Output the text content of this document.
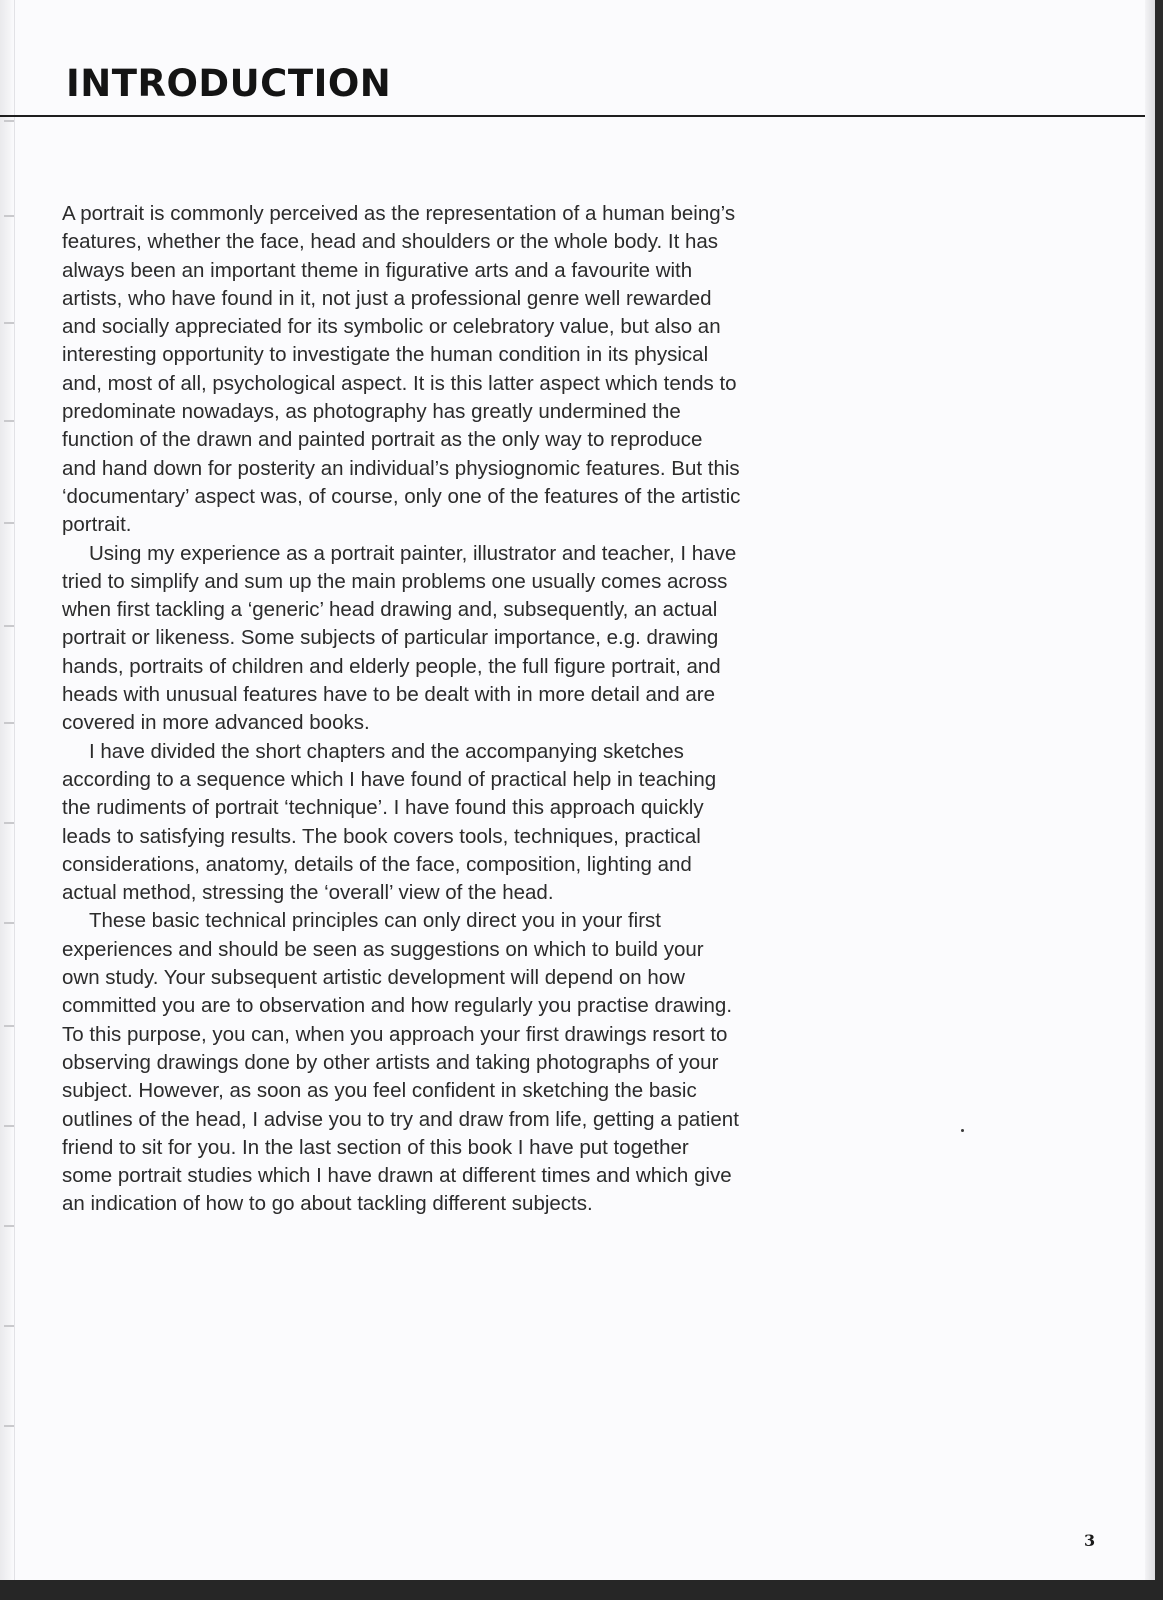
INTRODUCTION

A portrait is commonly perceived as the representation of a human being’s features, whether the face, head and shoulders or the whole body. It has always been an important theme in figurative arts and a favourite with artists, who have found in it, not just a professional genre well rewarded and socially appreciated for its symbolic or celebratory value, but also an interesting opportunity to investigate the human condition in its physical and, most of all, psychological aspect. It is this latter aspect which tends to predominate nowadays, as photography has greatly undermined the function of the drawn and painted portrait as the only way to reproduce and hand down for posterity an individual’s physiognomic features. But this ‘documentary’ aspect was, of course, only one of the features of the artistic portrait.

Using my experience as a portrait painter, illustrator and teacher, I have tried to simplify and sum up the main problems one usually comes across when first tackling a ‘generic’ head drawing and, subsequently, an actual portrait or likeness. Some subjects of particular importance, e.g. drawing hands, portraits of children and elderly people, the full figure portrait, and heads with unusual features have to be dealt with in more detail and are covered in more advanced books.

I have divided the short chapters and the accompanying sketches according to a sequence which I have found of practical help in teaching the rudiments of portrait ‘technique’. I have found this approach quickly leads to satisfying results. The book covers tools, techniques, practical considerations, anatomy, details of the face, composition, lighting and actual method, stressing the ‘overall’ view of the head.

These basic technical principles can only direct you in your first experiences and should be seen as suggestions on which to build your own study. Your subsequent artistic development will depend on how committed you are to observation and how regularly you practise drawing. To this purpose, you can, when you approach your first drawings resort to observing drawings done by other artists and taking photographs of your subject. However, as soon as you feel confident in sketching the basic outlines of the head, I advise you to try and draw from life, getting a patient friend to sit for you. In the last section of this book I have put together some portrait studies which I have drawn at different times and which give an indication of how to go about tackling different subjects.

3
